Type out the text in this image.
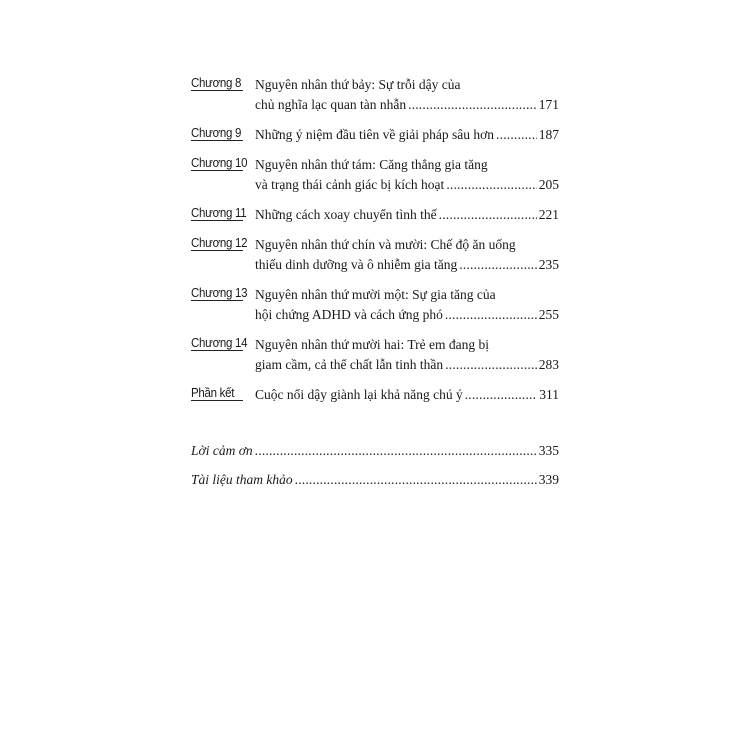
Chương 8 Nguyên nhân thứ bảy: Sự trỗi dậy của
chủ nghĩa lạc quan tàn nhẫn .....	171
Chương 9 Những ý niệm đầu tiên về giải pháp sâu hơn .....	187
Chương 10 Nguyên nhân thứ tám: Căng thẳng gia tăng
và trạng thái cảnh giác bị kích hoạt .....	205
Chương 11 Những cách xoay chuyển tình thế .....	221
Chương 12 Nguyên nhân thứ chín và mười: Chế độ ăn uống
thiếu dinh dưỡng và ô nhiễm gia tăng .....	235
Chương 13 Nguyên nhân thứ mười một: Sự gia tăng của
hội chứng ADHD và cách ứng phó .....	255
Chương 14 Nguyên nhân thứ mười hai: Trẻ em đang bị
giam cầm, cả thể chất lẫn tinh thần .....	283
Phần kết Cuộc nổi dậy giành lại khả năng chú ý .....	311
Lời cảm ơn .....	335
Tài liệu tham khảo .....	339
